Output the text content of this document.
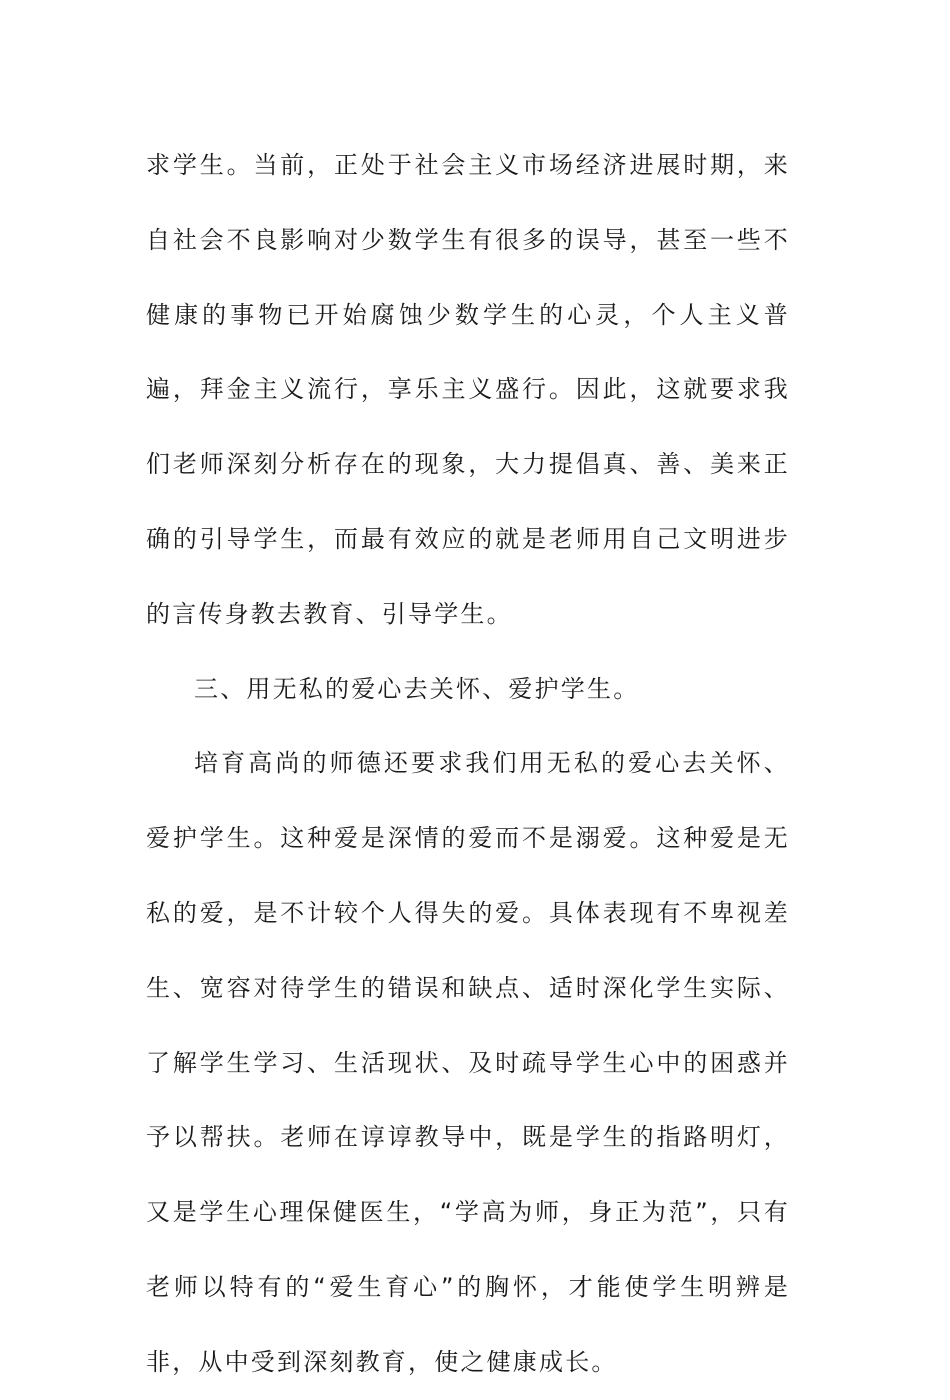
求学生。当前，正处于社会主义市场经济进展时期，来自社会不良影响对少数学生有很多的误导，甚至一些不健康的事物已开始腐蚀少数学生的心灵，个人主义普遍，拜金主义流行，享乐主义盛行。因此，这就要求我们老师深刻分析存在的现象，大力提倡真、善、美来正确的引导学生，而最有效应的就是老师用自己文明进步的言传身教去教育、引导学生。

三、用无私的爱心去关怀、爱护学生。

培育高尚的师德还要求我们用无私的爱心去关怀、爱护学生。这种爱是深情的爱而不是溺爱。这种爱是无私的爱，是不计较个人得失的爱。具体表现有不卑视差生、宽容对待学生的错误和缺点、适时深化学生实际、了解学生学习、生活现状、及时疏导学生心中的困惑并予以帮扶。老师在谆谆教导中，既是学生的指路明灯，又是学生心理保健医生，“学高为师，身正为范”，只有老师以特有的“爱生育心”的胸怀，才能使学生明辨是非，从中受到深刻教育，使之健康成长。
